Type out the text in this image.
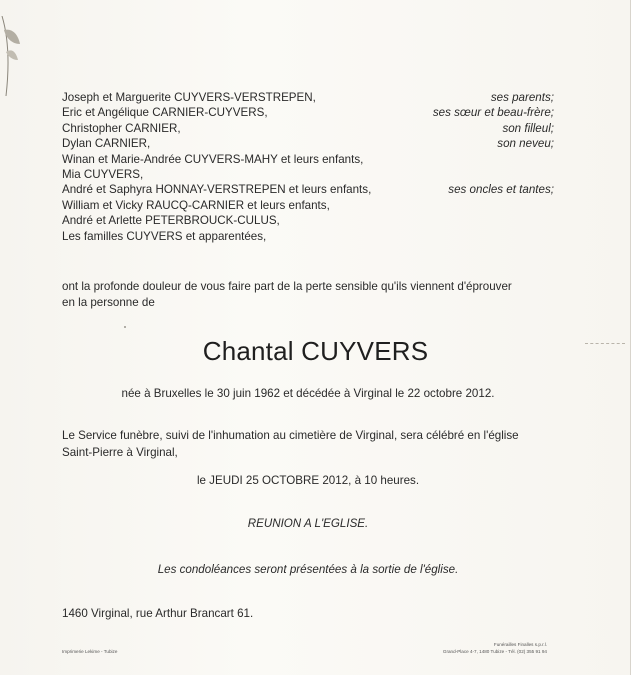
Joseph et Marguerite CUYVERS-VERSTREPEN,	ses parents;
Eric et Angélique CARNIER-CUYVERS,	ses sœur et beau-frère;
Christopher CARNIER,	son filleul;
Dylan CARNIER,	son neveu;
Winan et Marie-Andrée CUYVERS-MAHY et leurs enfants,
Mia CUYVERS,
André et Saphyra HONNAY-VERSTREPEN et leurs enfants,	ses oncles et tantes;
William et Vicky RAUCQ-CARNIER et leurs enfants,
André et Arlette PETERBROUCK-CULUS,
Les familles CUYVERS et apparentées,
ont la profonde douleur de vous faire part de la perte sensible qu'ils viennent d'éprouver
en la personne de
Chantal CUYVERS
née à Bruxelles le 30 juin 1962 et décédée à Virginal le 22 octobre 2012.
Le Service funèbre, suivi de l'inhumation au cimetière de Virginal, sera célébré en l'église
Saint-Pierre à Virginal,
le JEUDI 25 OCTOBRE 2012, à 10 heures.
REUNION A L'EGLISE.
Les condoléances seront présentées à la sortie de l'église.
1460 Virginal, rue Arthur Brancart 61.
Imprimerie Lekime - Tubize
Funérailles Finalles s.p.r.l.
Grand-Place 4-7, 1480 Tubize - Tél. (02) 355 91 94
